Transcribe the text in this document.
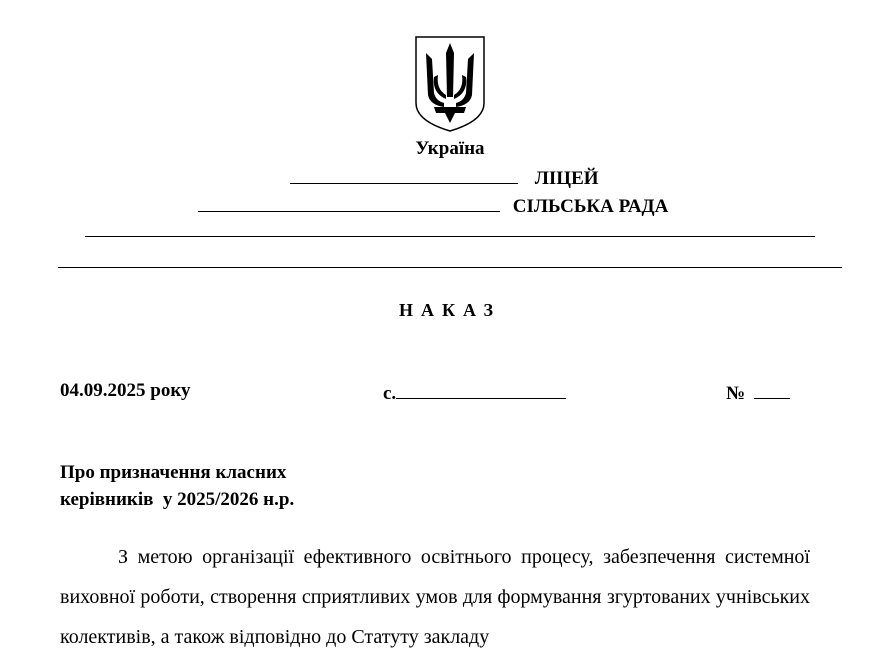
Україна
ЛІЦЕЙ
СІЛЬСЬКА РАДА
НАКАЗ
04.09.2025 року	с.	№
Про призначення класних
керівників  у 2025/2026 н.р.
З метою організації ефективного освітнього процесу, забезпечення системної виховної роботи, створення сприятливих умов для формування згуртованих учнівських колективів, а також відповідно до Статуту закладу
